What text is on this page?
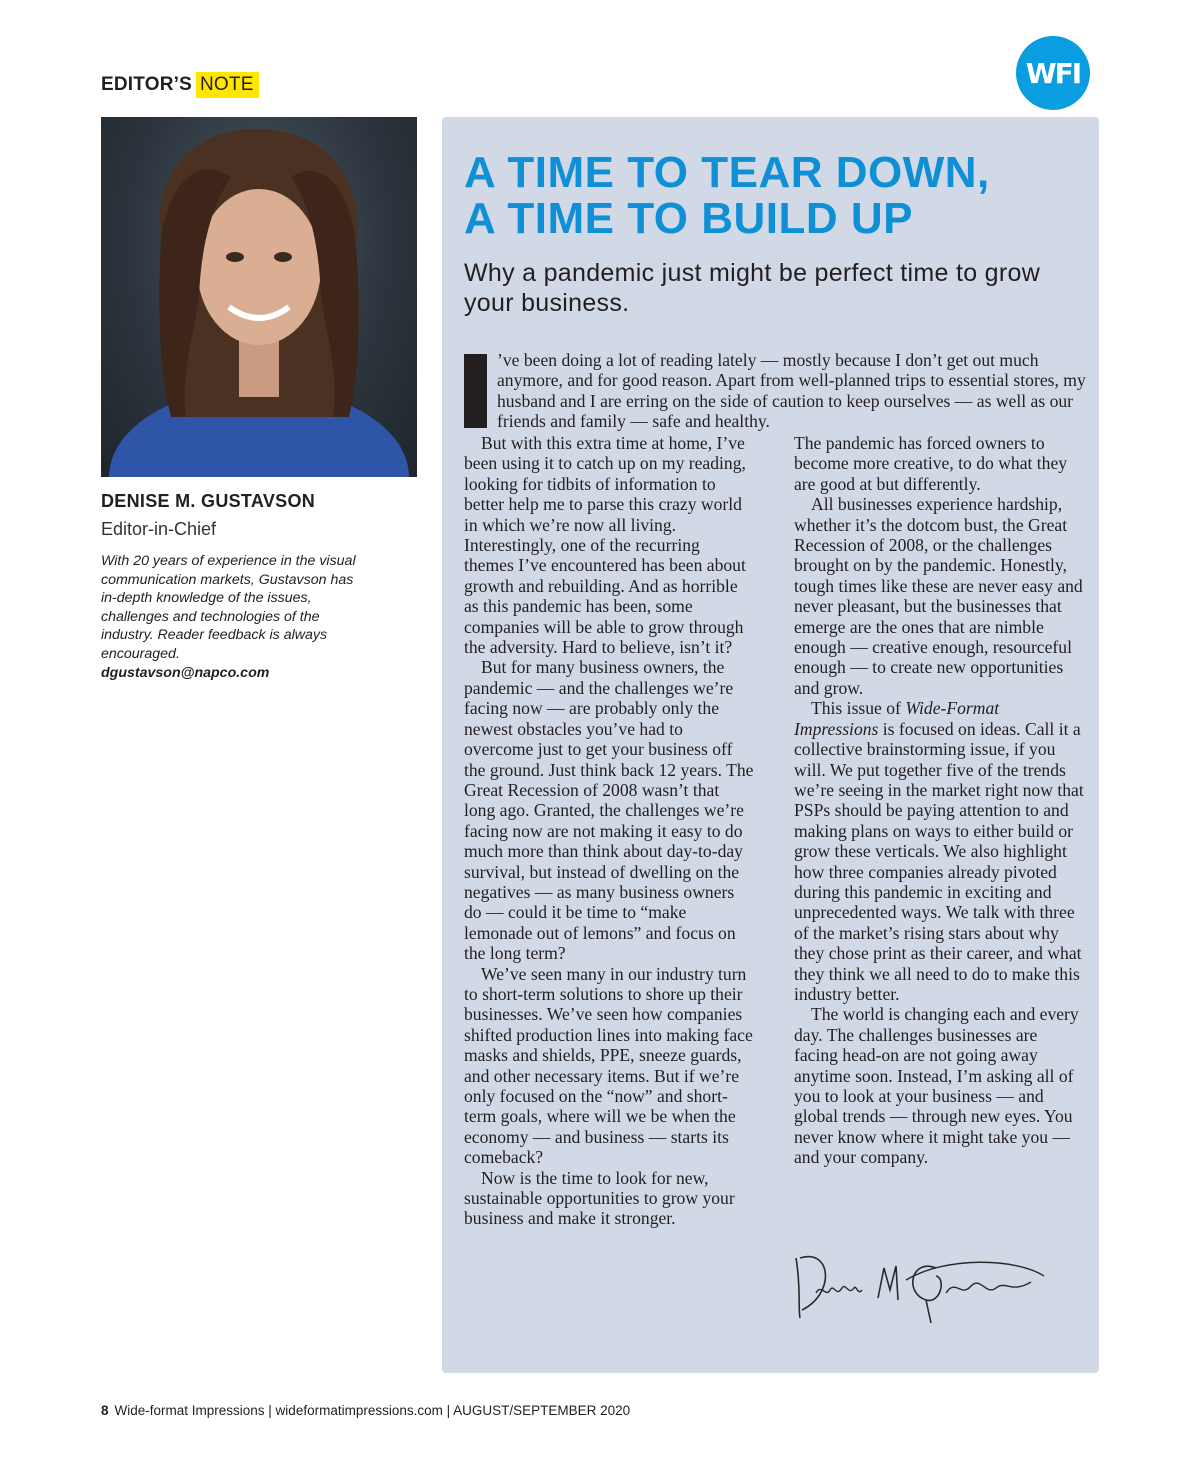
EDITOR’S NOTE	WFI
DENISE M. GUSTAVSON
Editor-in-Chief
With 20 years of experience in the visual communication markets, Gustavson has in-depth knowledge of the issues, challenges and technologies of the industry. Reader feedback is always encouraged.
dgustavson@napco.com
A TIME TO TEAR DOWN,
A TIME TO BUILD UP
Why a pandemic just might be perfect time to grow your business.
’ve been doing a lot of reading lately — mostly because I don’t get out much anymore, and for good reason. Apart from well-planned trips to essential stores, my husband and I are erring on the side of caution to keep ourselves — as well as our friends and family — safe and healthy.

But with this extra time at home, I’ve been using it to catch up on my reading, looking for tidbits of information to better help me to parse this crazy world in which we’re now all living. Interestingly, one of the recurring themes I’ve encountered has been about growth and rebuilding. And as horrible as this pandemic has been, some companies will be able to grow through the adversity. Hard to believe, isn’t it?

But for many business owners, the pandemic — and the challenges we’re facing now — are probably only the newest obstacles you’ve had to overcome just to get your business off the ground. Just think back 12 years. The Great Recession of 2008 wasn’t that long ago. Granted, the challenges we’re facing now are not making it easy to do much more than think about day-to-day survival, but instead of dwelling on the negatives — as many business owners do — could it be time to “make lemonade out of lemons” and focus on the long term?

We’ve seen many in our industry turn to short-term solutions to shore up their businesses. We’ve seen how companies shifted production lines into making face masks and shields, PPE, sneeze guards, and other necessary items. But if we’re only focused on the “now” and short-term goals, where will we be when the economy — and business — starts its comeback?

Now is the time to look for new, sustainable opportunities to grow your business and make it stronger.

The pandemic has forced owners to become more creative, to do what they are good at but differently.

All businesses experience hardship, whether it’s the dotcom bust, the Great Recession of 2008, or the challenges brought on by the pandemic. Honestly, tough times like these are never easy and never pleasant, but the businesses that emerge are the ones that are nimble enough — creative enough, resourceful enough — to create new opportunities and grow.

This issue of Wide-Format Impressions is focused on ideas. Call it a collective brainstorming issue, if you will. We put together five of the trends we’re seeing in the market right now that PSPs should be paying attention to and making plans on ways to either build or grow these verticals. We also highlight how three companies already pivoted during this pandemic in exciting and unprecedented ways. We talk with three of the market’s rising stars about why they chose print as their career, and what they think we all need to do to make this industry better.

The world is changing each and every day. The challenges businesses are facing head-on are not going away anytime soon. Instead, I’m asking all of you to look at your business — and global trends — through new eyes. You never know where it might take you — and your company.

8 Wide-format Impressions | wideformatimpressions.com | AUGUST/SEPTEMBER 2020
